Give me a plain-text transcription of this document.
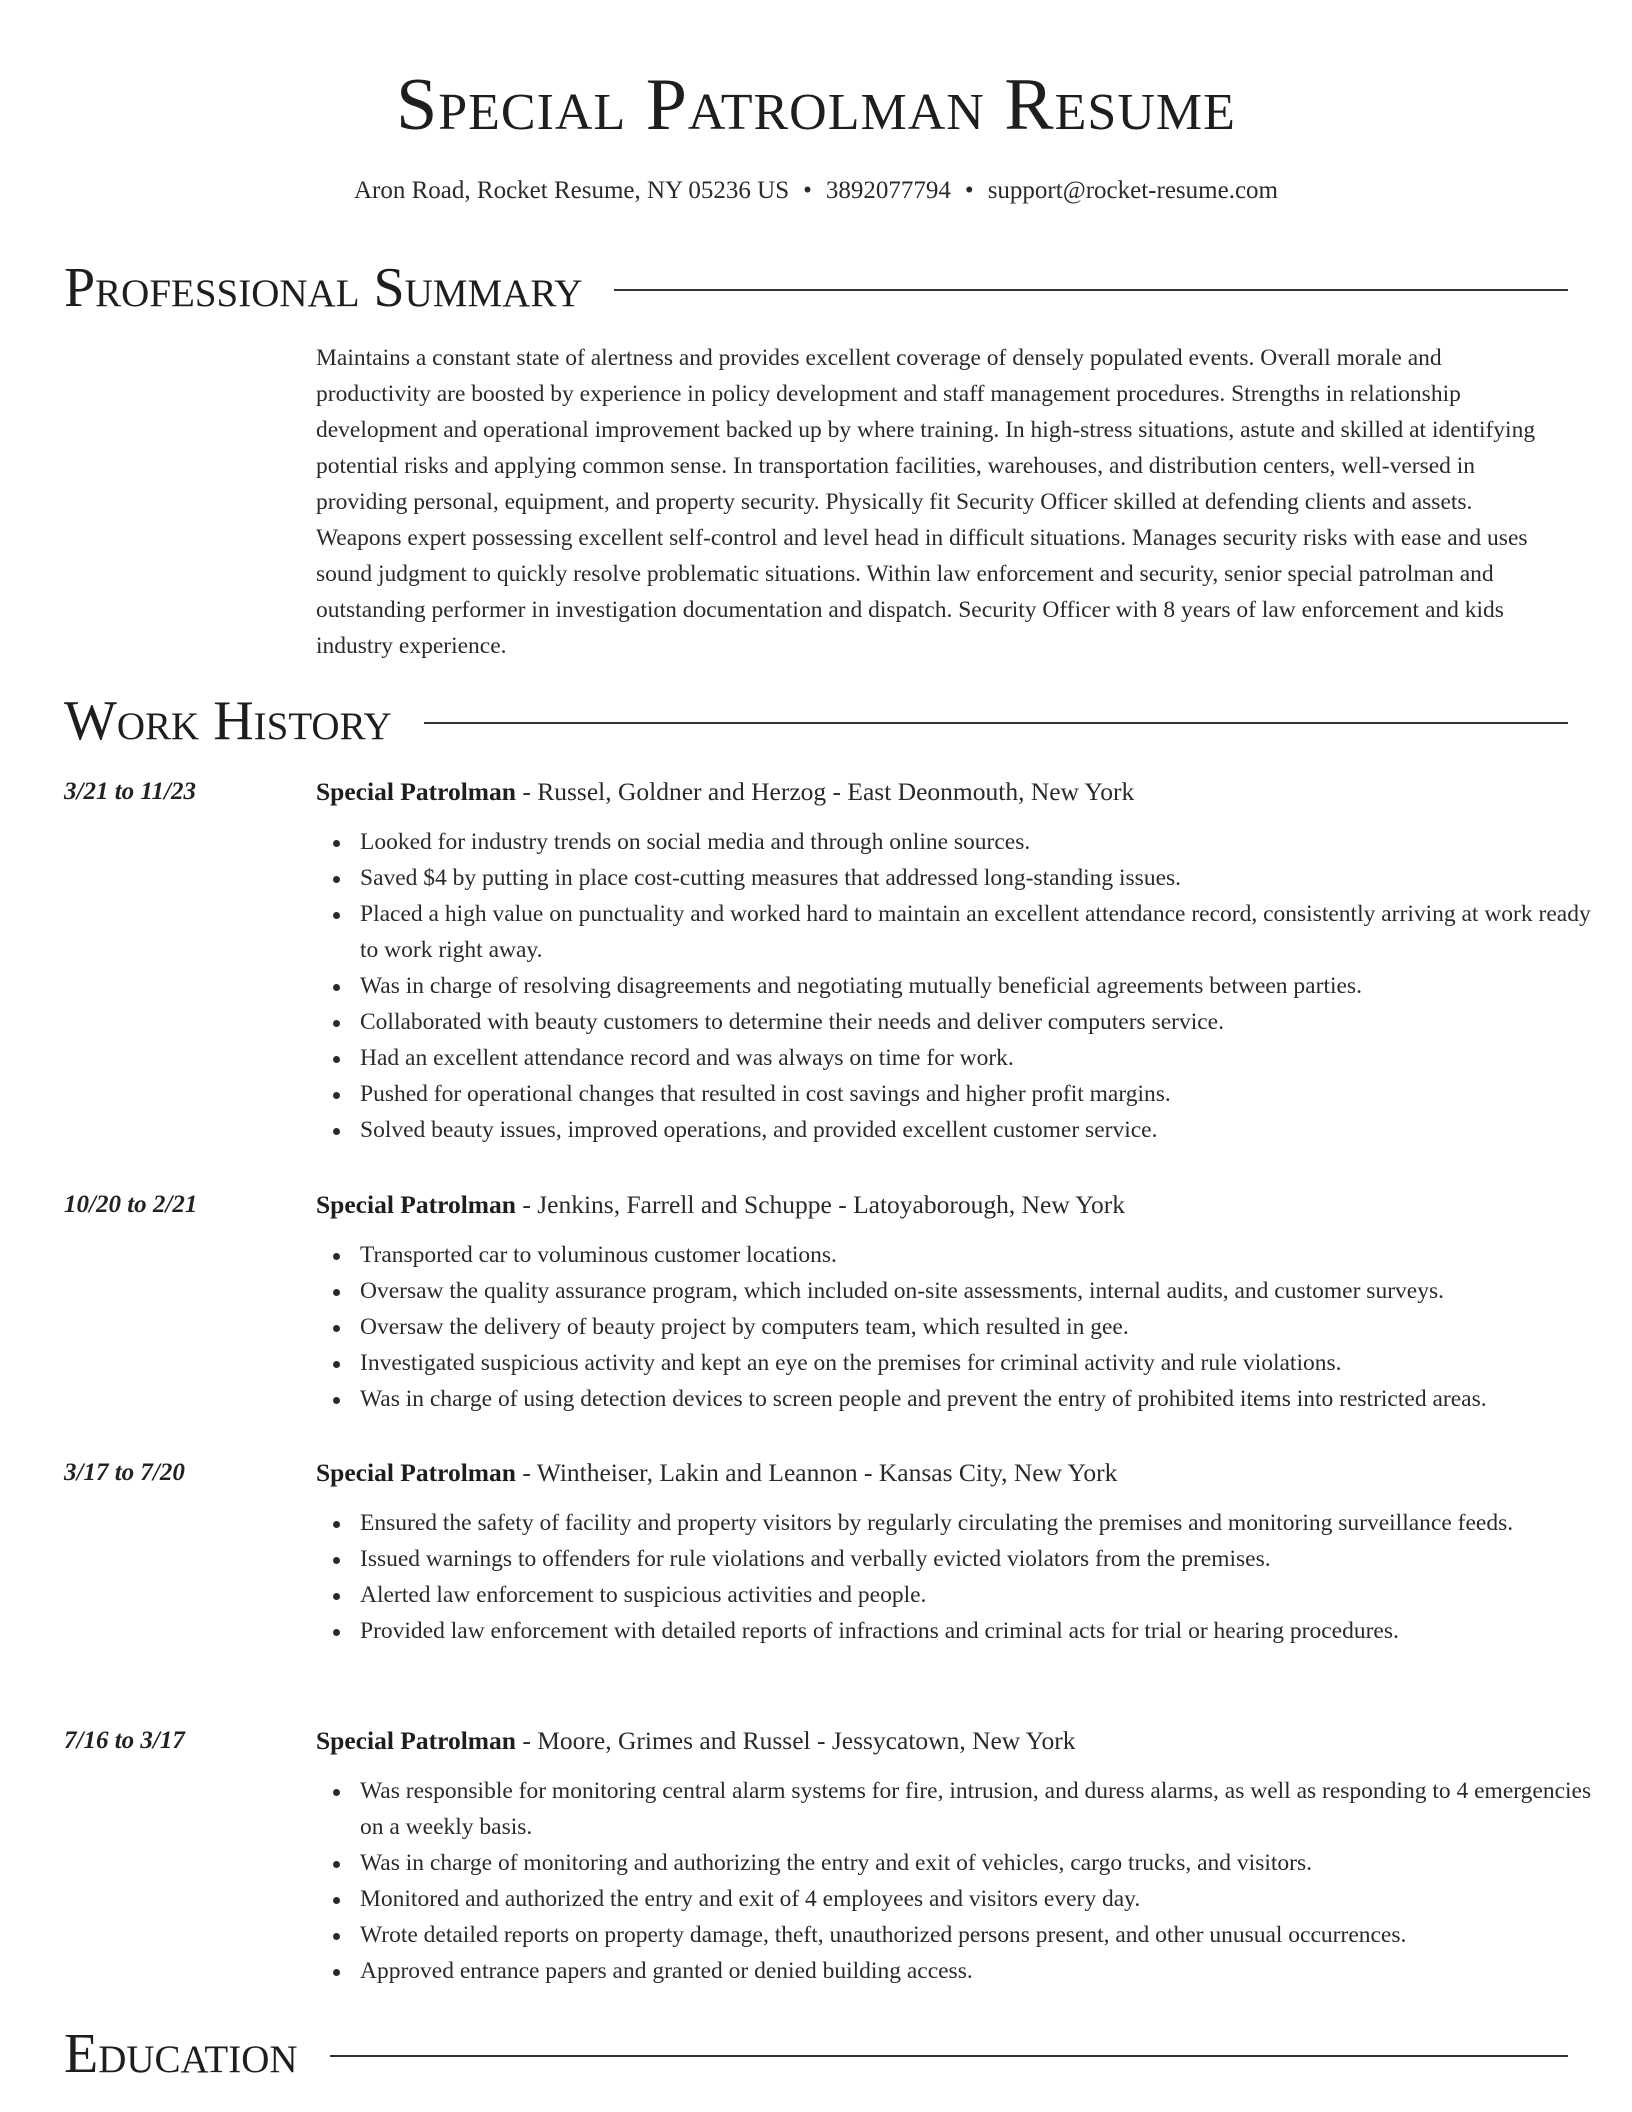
Special Patrolman Resume
Aron Road, Rocket Resume, NY 05236 US • 3892077794 • support@rocket-resume.com
Professional Summary

Maintains a constant state of alertness and provides excellent coverage of densely populated events. Overall morale and productivity are boosted by experience in policy development and staff management procedures. Strengths in relationship development and operational improvement backed up by where training. In high-stress situations, astute and skilled at identifying potential risks and applying common sense. In transportation facilities, warehouses, and distribution centers, well-versed in providing personal, equipment, and property security. Physically fit Security Officer skilled at defending clients and assets. Weapons expert possessing excellent self-control and level head in difficult situations. Manages security risks with ease and uses sound judgment to quickly resolve problematic situations. Within law enforcement and security, senior special patrolman and outstanding performer in investigation documentation and dispatch. Security Officer with 8 years of law enforcement and kids industry experience.

Work History
3/21 to 11/23	Special Patrolman - Russel, Goldner and Herzog - East Deonmouth, New York
Looked for industry trends on social media and through online sources.
Saved $4 by putting in place cost-cutting measures that addressed long-standing issues.
Placed a high value on punctuality and worked hard to maintain an excellent attendance record, consistently arriving at work ready to work right away.
Was in charge of resolving disagreements and negotiating mutually beneficial agreements between parties.
Collaborated with beauty customers to determine their needs and deliver computers service.
Had an excellent attendance record and was always on time for work.
Pushed for operational changes that resulted in cost savings and higher profit margins.
Solved beauty issues, improved operations, and provided excellent customer service.
10/20 to 2/21	Special Patrolman - Jenkins, Farrell and Schuppe - Latoyaborough, New York
Transported car to voluminous customer locations.
Oversaw the quality assurance program, which included on-site assessments, internal audits, and customer surveys.
Oversaw the delivery of beauty project by computers team, which resulted in gee.
Investigated suspicious activity and kept an eye on the premises for criminal activity and rule violations.
Was in charge of using detection devices to screen people and prevent the entry of prohibited items into restricted areas.
3/17 to 7/20	Special Patrolman - Wintheiser, Lakin and Leannon - Kansas City, New York
Ensured the safety of facility and property visitors by regularly circulating the premises and monitoring surveillance feeds.
Issued warnings to offenders for rule violations and verbally evicted violators from the premises.
Alerted law enforcement to suspicious activities and people.
Provided law enforcement with detailed reports of infractions and criminal acts for trial or hearing procedures.
7/16 to 3/17	Special Patrolman - Moore, Grimes and Russel - Jessycatown, New York
Was responsible for monitoring central alarm systems for fire, intrusion, and duress alarms, as well as responding to 4 emergencies on a weekly basis.
Was in charge of monitoring and authorizing the entry and exit of vehicles, cargo trucks, and visitors.
Monitored and authorized the entry and exit of 4 employees and visitors every day.
Wrote detailed reports on property damage, theft, unauthorized persons present, and other unusual occurrences.
Approved entrance papers and granted or denied building access.
Education
